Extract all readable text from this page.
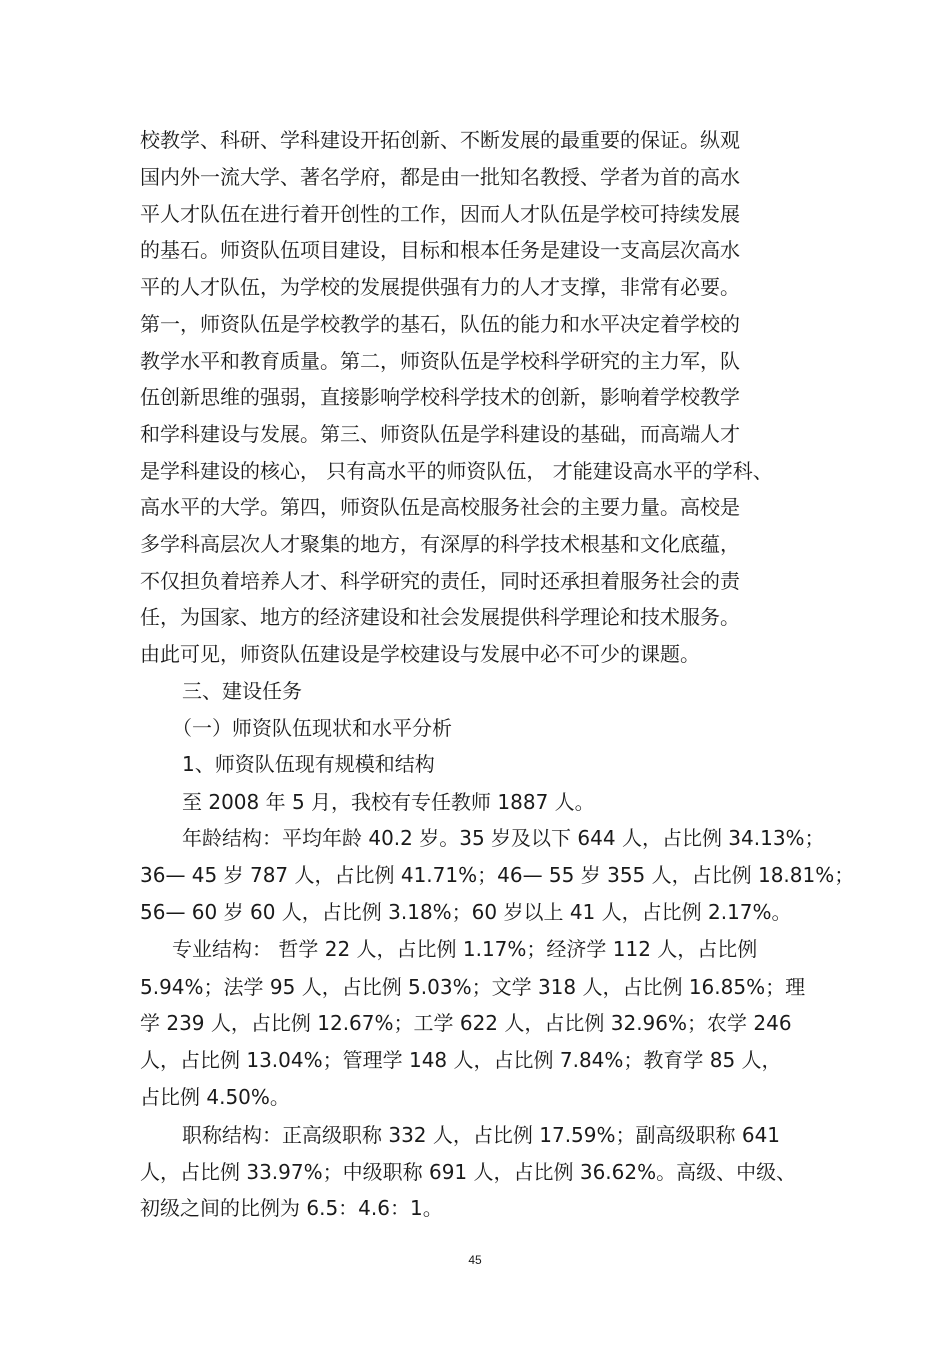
校教学、科研、学科建设开拓创新、不断发展的最重要的保证。纵观
国内外一流大学、著名学府，都是由一批知名教授、学者为首的高水
平人才队伍在进行着开创性的工作，因而人才队伍是学校可持续发展
的基石。师资队伍项目建设，目标和根本任务是建设一支高层次高水
平的人才队伍，为学校的发展提供强有力的人才支撑，非常有必要。
第一，师资队伍是学校教学的基石，队伍的能力和水平决定着学校的
教学水平和教育质量。第二，师资队伍是学校科学研究的主力军，队
伍创新思维的强弱，直接影响学校科学技术的创新，影响着学校教学
和学科建设与发展。第三、师资队伍是学科建设的基础，而高端人才
是学科建设的核心， 只有高水平的师资队伍， 才能建设高水平的学科、
高水平的大学。第四，师资队伍是高校服务社会的主要力量。高校是
多学科高层次人才聚集的地方，有深厚的科学技术根基和文化底蕴，
不仅担负着培养人才、科学研究的责任，同时还承担着服务社会的责
任，为国家、地方的经济建设和社会发展提供科学理论和技术服务。
由此可见，师资队伍建设是学校建设与发展中必不可少的课题。
三、建设任务
（一）师资队伍现状和水平分析
1、师资队伍现有规模和结构
至 2008 年 5 月，我校有专任教师 1887 人。
年龄结构：平均年龄 40.2 岁。35 岁及以下 644 人，占比例 34.13%；
36— 45 岁 787 人，占比例 41.71%；46— 55 岁 355 人，占比例 18.81%；
56— 60 岁 60 人，占比例 3.18%；60 岁以上 41 人，占比例 2.17%。
专业结构： 哲学 22 人，占比例 1.17%；经济学 112 人，占比例
5.94%；法学 95 人，占比例 5.03%；文学 318 人，占比例 16.85%；理
学 239 人，占比例 12.67%；工学 622 人，占比例 32.96%；农学 246
人，占比例 13.04%；管理学 148 人，占比例 7.84%；教育学 85 人，
占比例 4.50%。
职称结构：正高级职称 332 人，占比例 17.59%；副高级职称 641
人，占比例 33.97%；中级职称 691 人，占比例 36.62%。高级、中级、
初级之间的比例为 6.5：4.6：1。
45
